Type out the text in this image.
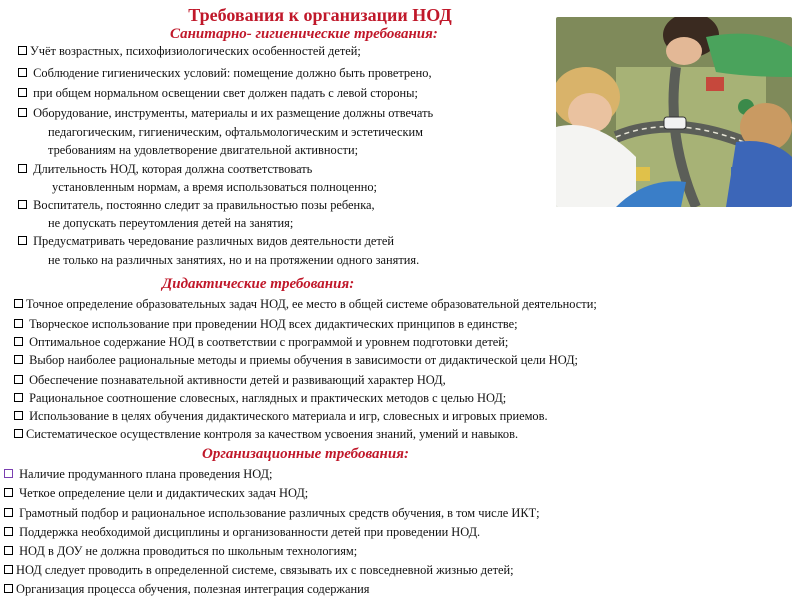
Требования к организации НОД
Санитарно- гигиенические требования:
Учёт возрастных, психофизиологических особенностей детей;
Соблюдение гигиенических условий: помещение должно быть проветрено,
при общем нормальном освещении свет должен падать с левой стороны;
Оборудование, инструменты, материалы и их размещение должны отвечать
Длительность НОД, которая должна соответствовать
Воспитатель, постоянно следит за правильностью позы ребенка,
Предусматривать чередование различных видов деятельности детей
педагогическим, гигиеническим, офтальмологическим и эстетическим
требованиям на удовлетворение двигательной активности;
установленным нормам, а время использоваться полноценно;
не допускать переутомления детей на занятия;
не только на различных занятиях, но и на протяжении одного занятия.
Дидактические требования:
Точное определение образовательных задач НОД, ее место в общей системе образовательной деятельности;
Творческое использование при проведении НОД всех дидактических принципов в единстве;
Оптимальное содержание НОД в соответствии с программой и уровнем подготовки детей;
Выбор наиболее рациональные методы и приемы обучения в зависимости от дидактической цели НОД;
Обеспечение познавательной активности детей и развивающий характер НОД,
Рациональное соотношение словесных, наглядных и практических методов с целью НОД;
Использование в целях обучения дидактического материала и игр, словесных и игровых приемов.
Систематическое осуществление контроля за качеством усвоения знаний, умений и навыков.
Организационные требования:
Наличие продуманного плана проведения НОД;
Четкое определение цели и дидактических задач НОД;
Грамотный подбор и рациональное использование различных средств обучения, в том числе ИКТ;
Поддержка необходимой дисциплины и организованности детей при проведении НОД.
НОД в ДОУ не должна проводиться по школьным технологиям;
НОД следует проводить в определенной системе, связывать их с повседневной жизнью детей;
Организация процесса обучения, полезная интеграция содержания
